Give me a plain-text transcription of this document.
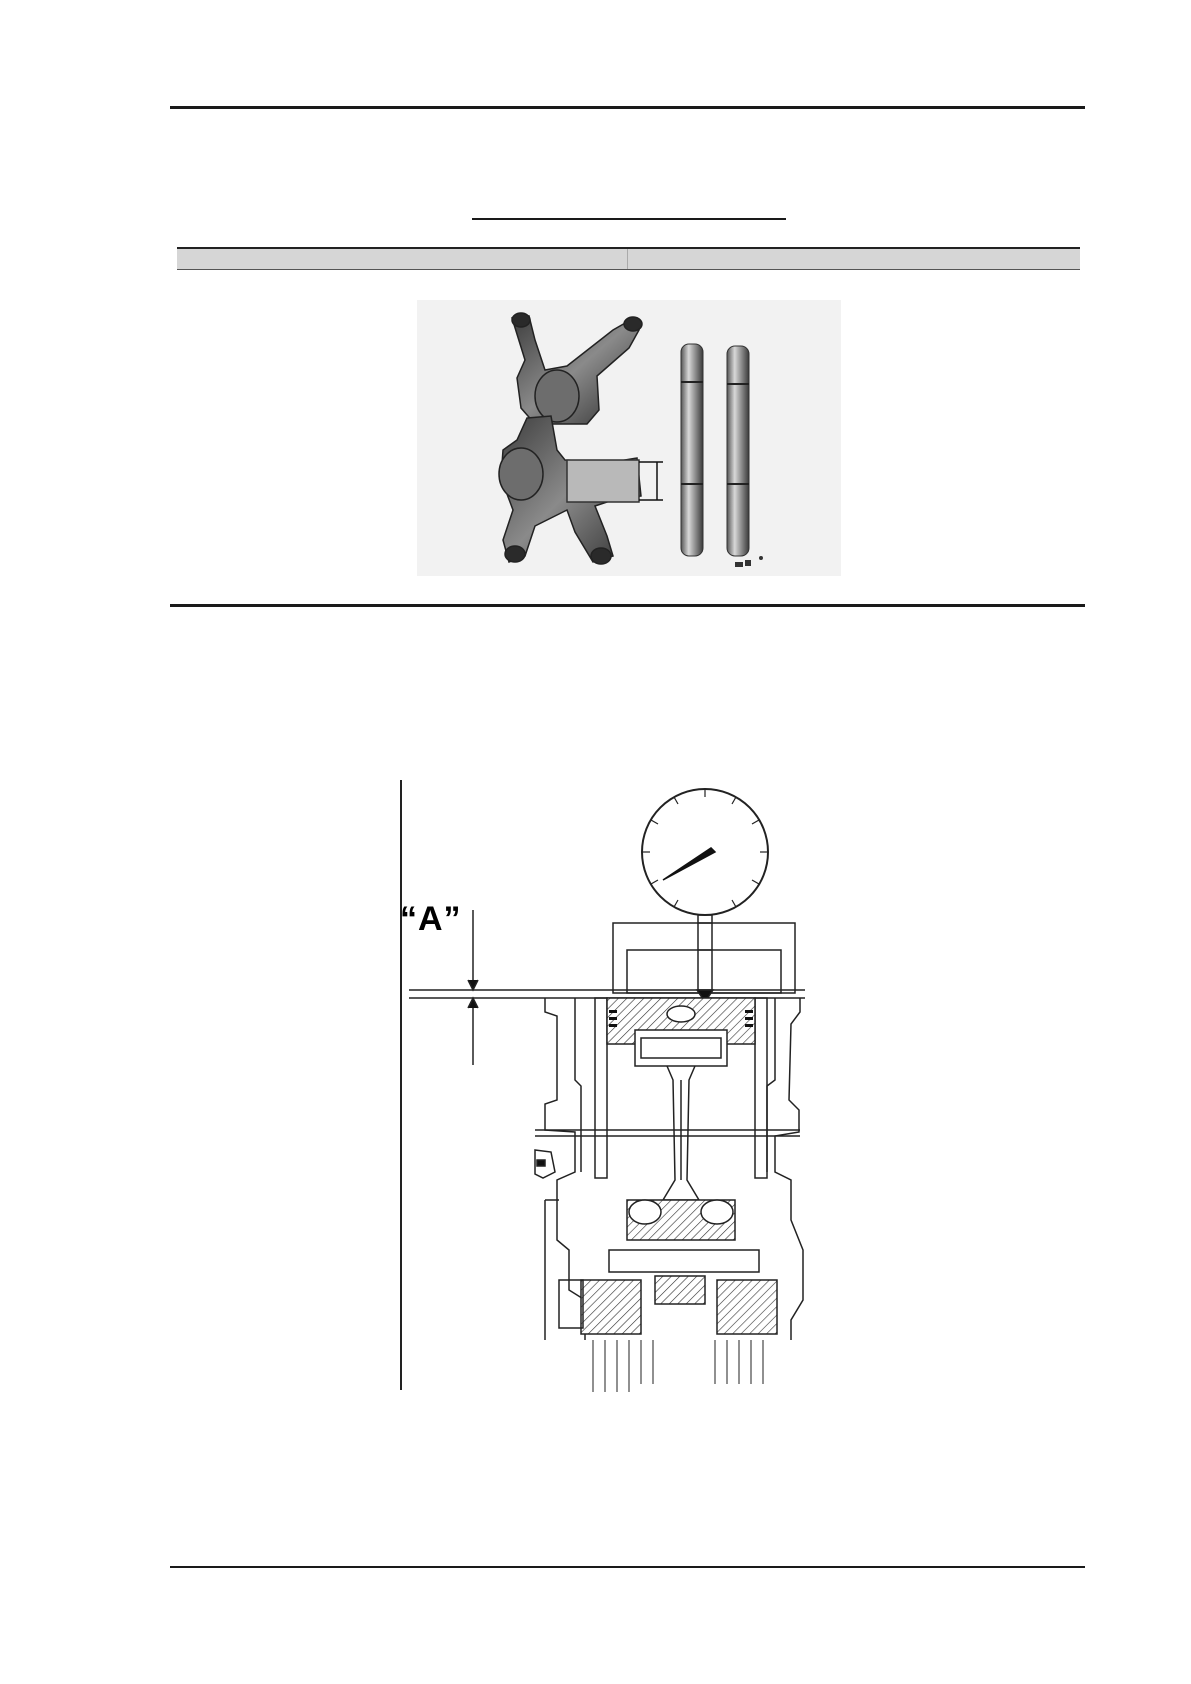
“A”
